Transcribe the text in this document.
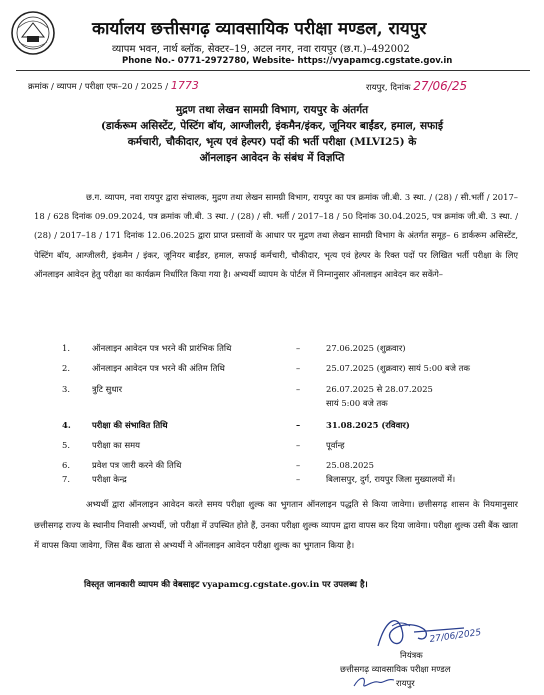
कार्यालय छत्तीसगढ़ व्यावसायिक परीक्षा मण्डल, रायपुर
व्यापम भवन, नार्थ ब्लॉक, सेक्टर–19, अटल नगर, नवा रायपुर (छ.ग.)–492002
Phone No.- 0771-2972780, Website- https://vyapamcg.cgstate.gov.in
क्रमांक / व्यापम / परीक्षा एफ–20 / 2025 / 1773	रायपुर, दिनांक 27/06/25
मुद्रण तथा लेखन सामग्री विभाग, रायपुर के अंतर्गत
(डार्करूम असिस्टेंट, पेस्टिंग बॉय, आग्जीलरी, इंकमैन/इंकर, जूनियर बाईंडर, हमाल, सफाई
कर्मचारी, चौकीदार, भृत्य एवं हेल्पर) पदों की भर्ती परीक्षा (MLVI25) के
ऑनलाइन आवेदन के संबंध में विज्ञप्ति
छ.ग. व्यापम, नवा रायपुर द्वारा संचालक, मुद्रण तथा लेखन सामग्री विभाग, रायपुर का पत्र क्रमांक जी.बी. 3 स्था. / (28) / सी.भर्ती / 2017–18 / 628 दिनांक 09.09.2024, पत्र क्रमांक जी.बी. 3 स्था. / (28) / सी. भर्ती / 2017–18 / 50 दिनांक 30.04.2025, पत्र क्रमांक जी.बी. 3 स्था. / (28) / 2017–18 / 171 दिनांक 12.06.2025 द्वारा प्राप्त प्रस्तावों के आधार पर मुद्रण तथा लेखन सामग्री विभाग के अंतर्गत समूह– 6 डार्करूम असिस्टेंट, पेस्टिंग बॉय, आग्जीलरी, इंकमैन / इंकर, जूनियर बाईंडर, हमाल, सफाई कर्मचारी, चौकीदार, भृत्य एवं हेल्पर के रिक्त पदों पर लिखित भर्ती परीक्षा के लिए ऑनलाइन आवेदन हेतु परीक्षा का कार्यक्रम निर्धारित किया गया है। अभ्यर्थी व्यापम के पोर्टल में निम्नानुसार ऑनलाइन आवेदन कर सकेंगे–
1.	ऑनलाइन आवेदन पत्र भरने की प्रारंभिक तिथि	–	27.06.2025 (शुक्रवार)
2.	ऑनलाइन आवेदन पत्र भरने की अंतिम तिथि	–	25.07.2025 (शुक्रवार) सायं 5:00 बजे तक
3.	त्रुटि सुधार	–	26.07.2025 से 28.07.2025
सायं 5:00 बजे तक
4.	परीक्षा की संभावित तिथि	–	31.08.2025 (रविवार)
5.	परीक्षा का समय	–	पूर्वान्ह
6.	प्रवेश पत्र जारी करने की तिथि	–	25.08.2025
7.	परीक्षा केन्द्र	–	बिलासपुर, दुर्ग, रायपुर जिला मुख्यालयों में।
अभ्यर्थी द्वारा ऑनलाइन आवेदन करते समय परीक्षा शुल्क का भुगतान ऑनलाइन पद्धति से किया जावेगा। छत्तीसगढ़ शासन के नियमानुसार छत्तीसगढ़ राज्य के स्थानीय निवासी अभ्यर्थी, जो परीक्षा में उपस्थित होते हैं, उनका परीक्षा शुल्क व्यापम द्वारा वापस कर दिया जावेगा। परीक्षा शुल्क उसी बैंक खाता में वापस किया जावेगा, जिस बैंक खाता से अभ्यर्थी ने ऑनलाइन आवेदन परीक्षा शुल्क का भुगतान किया है।
विस्तृत जानकारी व्यापम की वेबसाइट vyapamcg.cgstate.gov.in पर उपलब्ध है।
27/06/2025
नियंत्रक
छत्तीसगढ़ व्यावसायिक परीक्षा मण्डल
रायपुर
